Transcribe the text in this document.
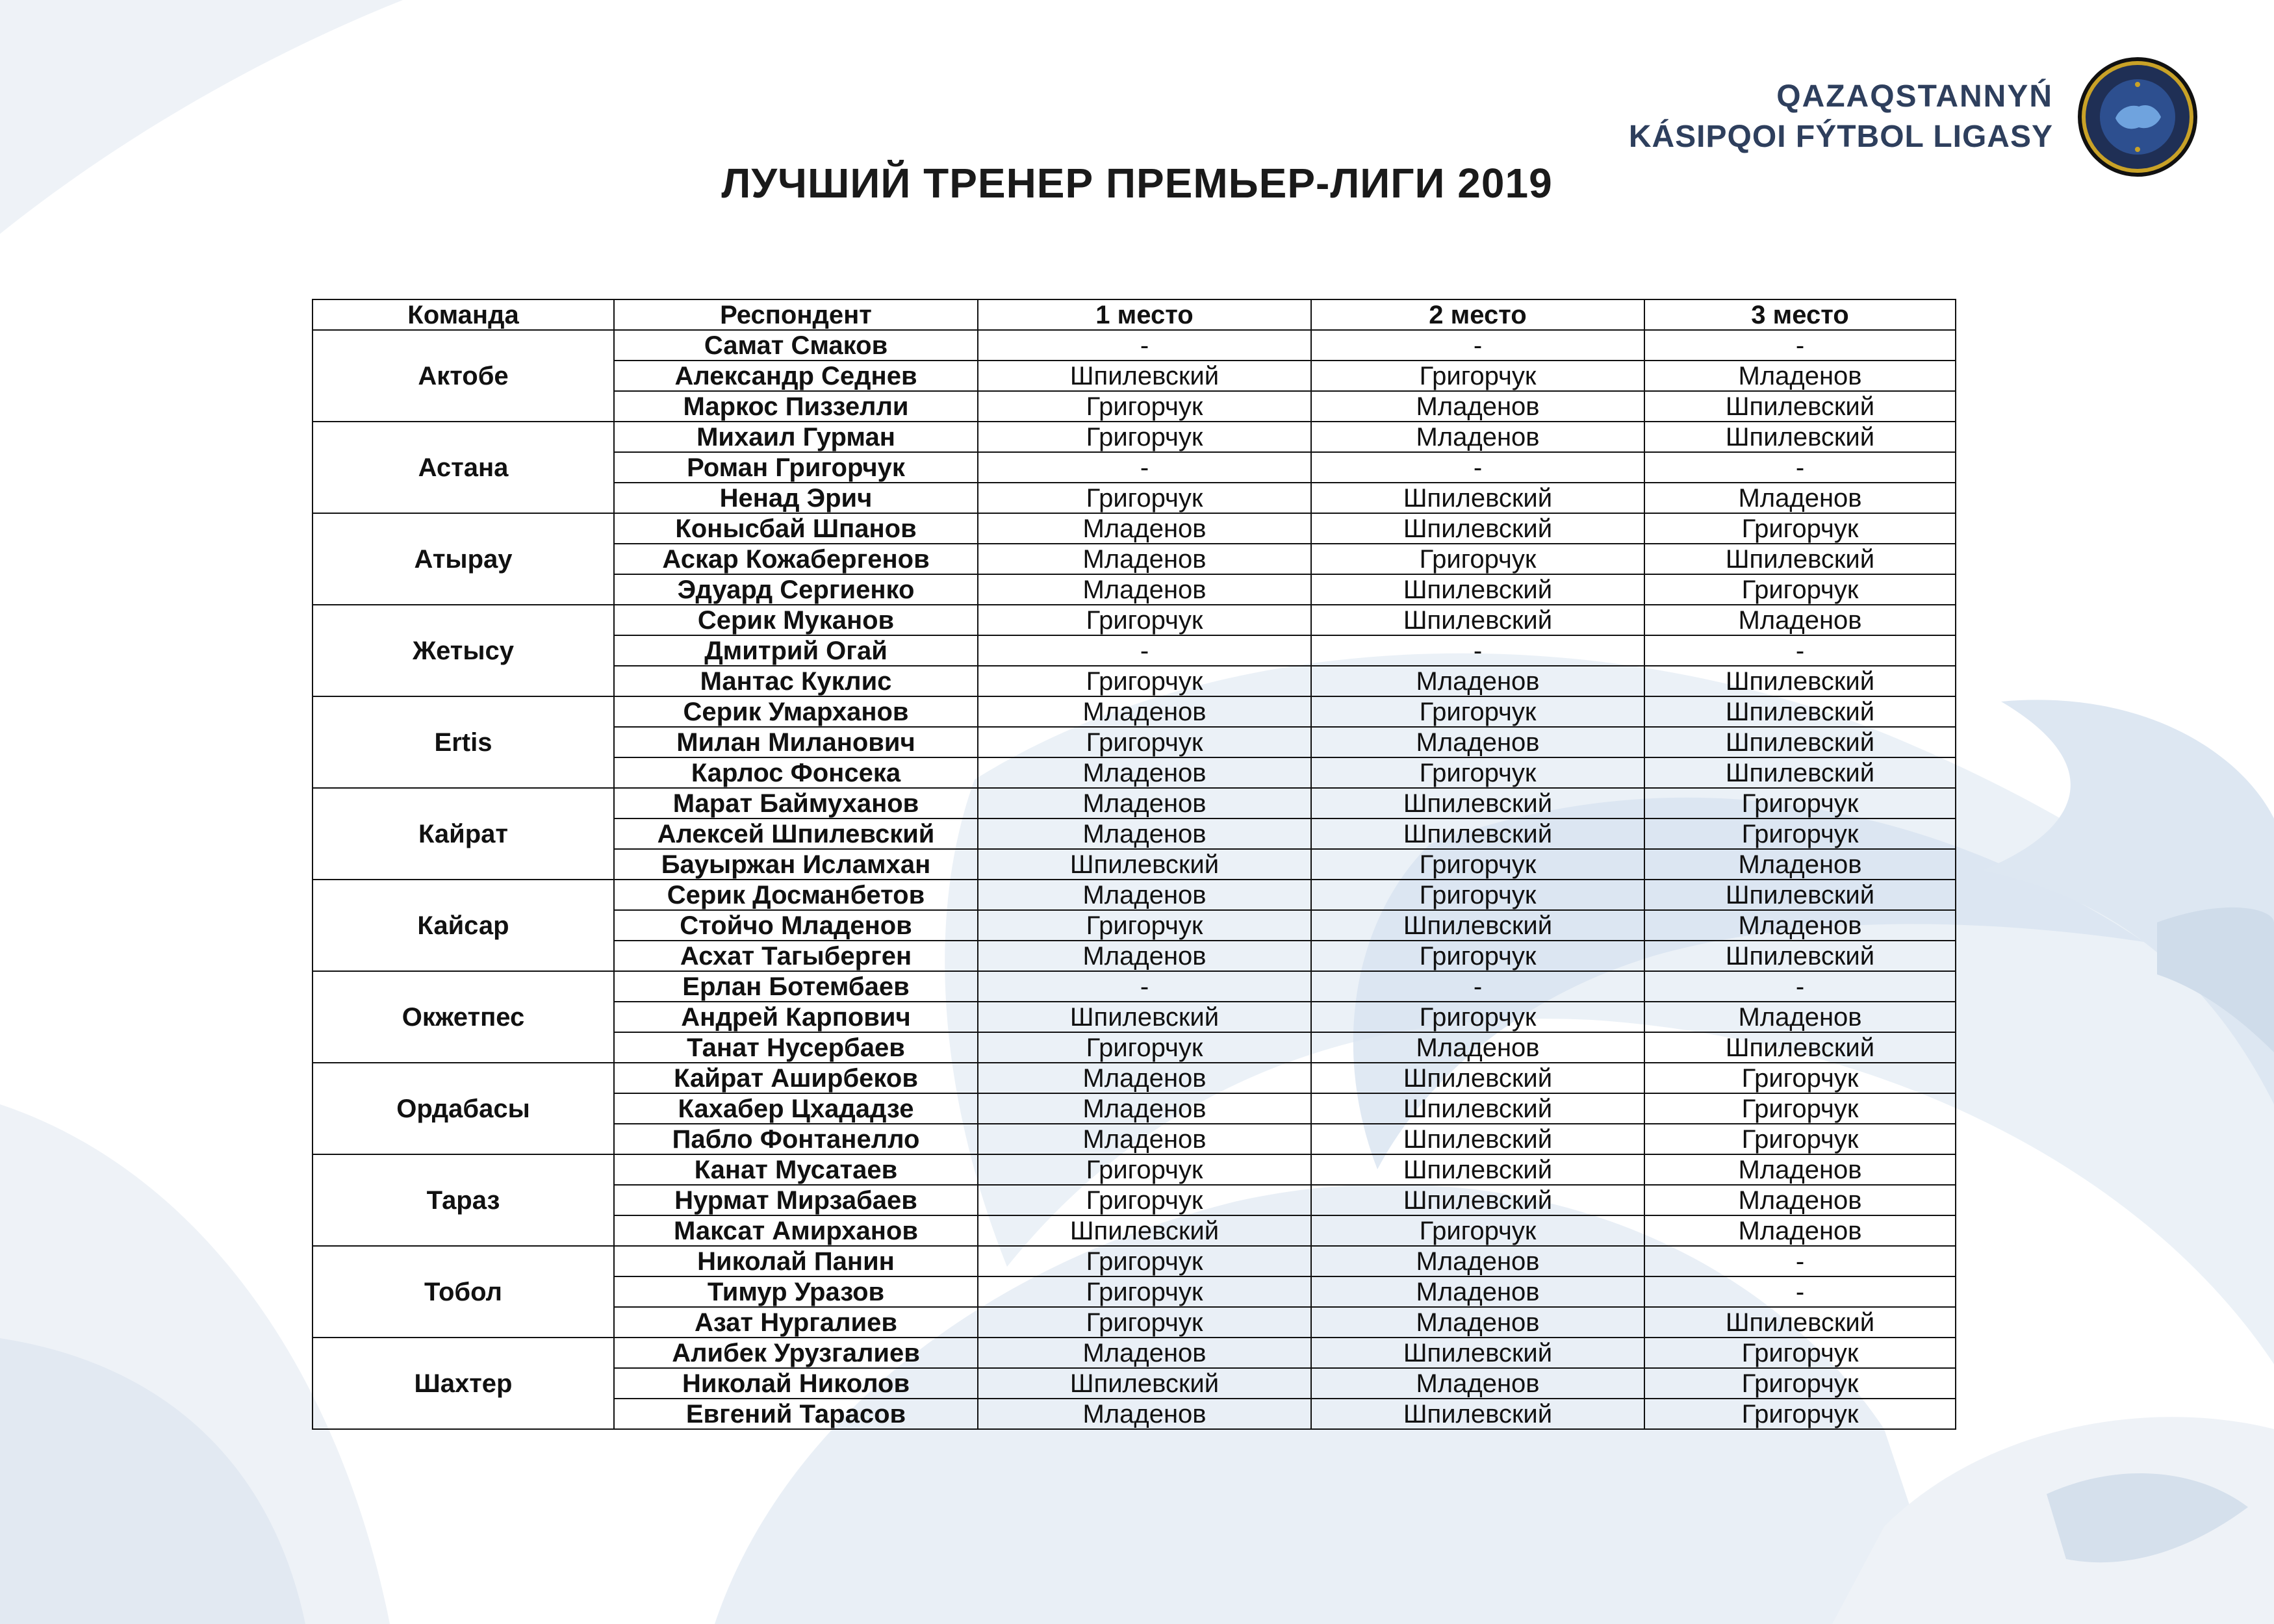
QAZAQSTANNYŃ
KÁSIPQOI FÝTBOL LIGASY
ЛУЧШИЙ ТРЕНЕР ПРЕМЬЕР-ЛИГИ 2019
Команда	Респондент	1 место	2 место	3 место
Актобе	Самат Смаков	-	-	-
	Александр Седнев	Шпилевский	Григорчук	Младенов
	Маркос Пиззелли	Григорчук	Младенов	Шпилевский
Астана	Михаил Гурман	Григорчук	Младенов	Шпилевский
	Роман Григорчук	-	-	-
	Ненад Эрич	Григорчук	Шпилевский	Младенов
Атырау	Конысбай Шпанов	Младенов	Шпилевский	Григорчук
	Аскар Кожабергенов	Младенов	Григорчук	Шпилевский
	Эдуард Сергиенко	Младенов	Шпилевский	Григорчук
Жетысу	Серик Муканов	Григорчук	Шпилевский	Младенов
	Дмитрий Огай	-	-	-
	Мантас Куклис	Григорчук	Младенов	Шпилевский
Ertis	Серик Умарханов	Младенов	Григорчук	Шпилевский
	Милан Миланович	Григорчук	Младенов	Шпилевский
	Карлос Фонсека	Младенов	Григорчук	Шпилевский
Кайрат	Марат Баймуханов	Младенов	Шпилевский	Григорчук
	Алексей Шпилевский	Младенов	Шпилевский	Григорчук
	Бауыржан Исламхан	Шпилевский	Григорчук	Младенов
Кайсар	Серик Досманбетов	Младенов	Григорчук	Шпилевский
	Стойчо Младенов	Григорчук	Шпилевский	Младенов
	Асхат Тагыберген	Младенов	Григорчук	Шпилевский
Окжетпес	Ерлан Ботембаев	-	-	-
	Андрей Карпович	Шпилевский	Григорчук	Младенов
	Танат Нусербаев	Григорчук	Младенов	Шпилевский
Ордабасы	Кайрат Аширбеков	Младенов	Шпилевский	Григорчук
	Кахабер Цхададзе	Младенов	Шпилевский	Григорчук
	Пабло Фонтанелло	Младенов	Шпилевский	Григорчук
Тараз	Канат Мусатаев	Григорчук	Шпилевский	Младенов
	Нурмат Мирзабаев	Григорчук	Шпилевский	Младенов
	Максат Амирханов	Шпилевский	Григорчук	Младенов
Тобол	Николай Панин	Григорчук	Младенов	-
	Тимур Уразов	Григорчук	Младенов	-
	Азат Нургалиев	Григорчук	Младенов	Шпилевский
Шахтер	Алибек Урузгалиев	Младенов	Шпилевский	Григорчук
	Николай Николов	Шпилевский	Младенов	Григорчук
	Евгений Тарасов	Младенов	Шпилевский	Григорчук
